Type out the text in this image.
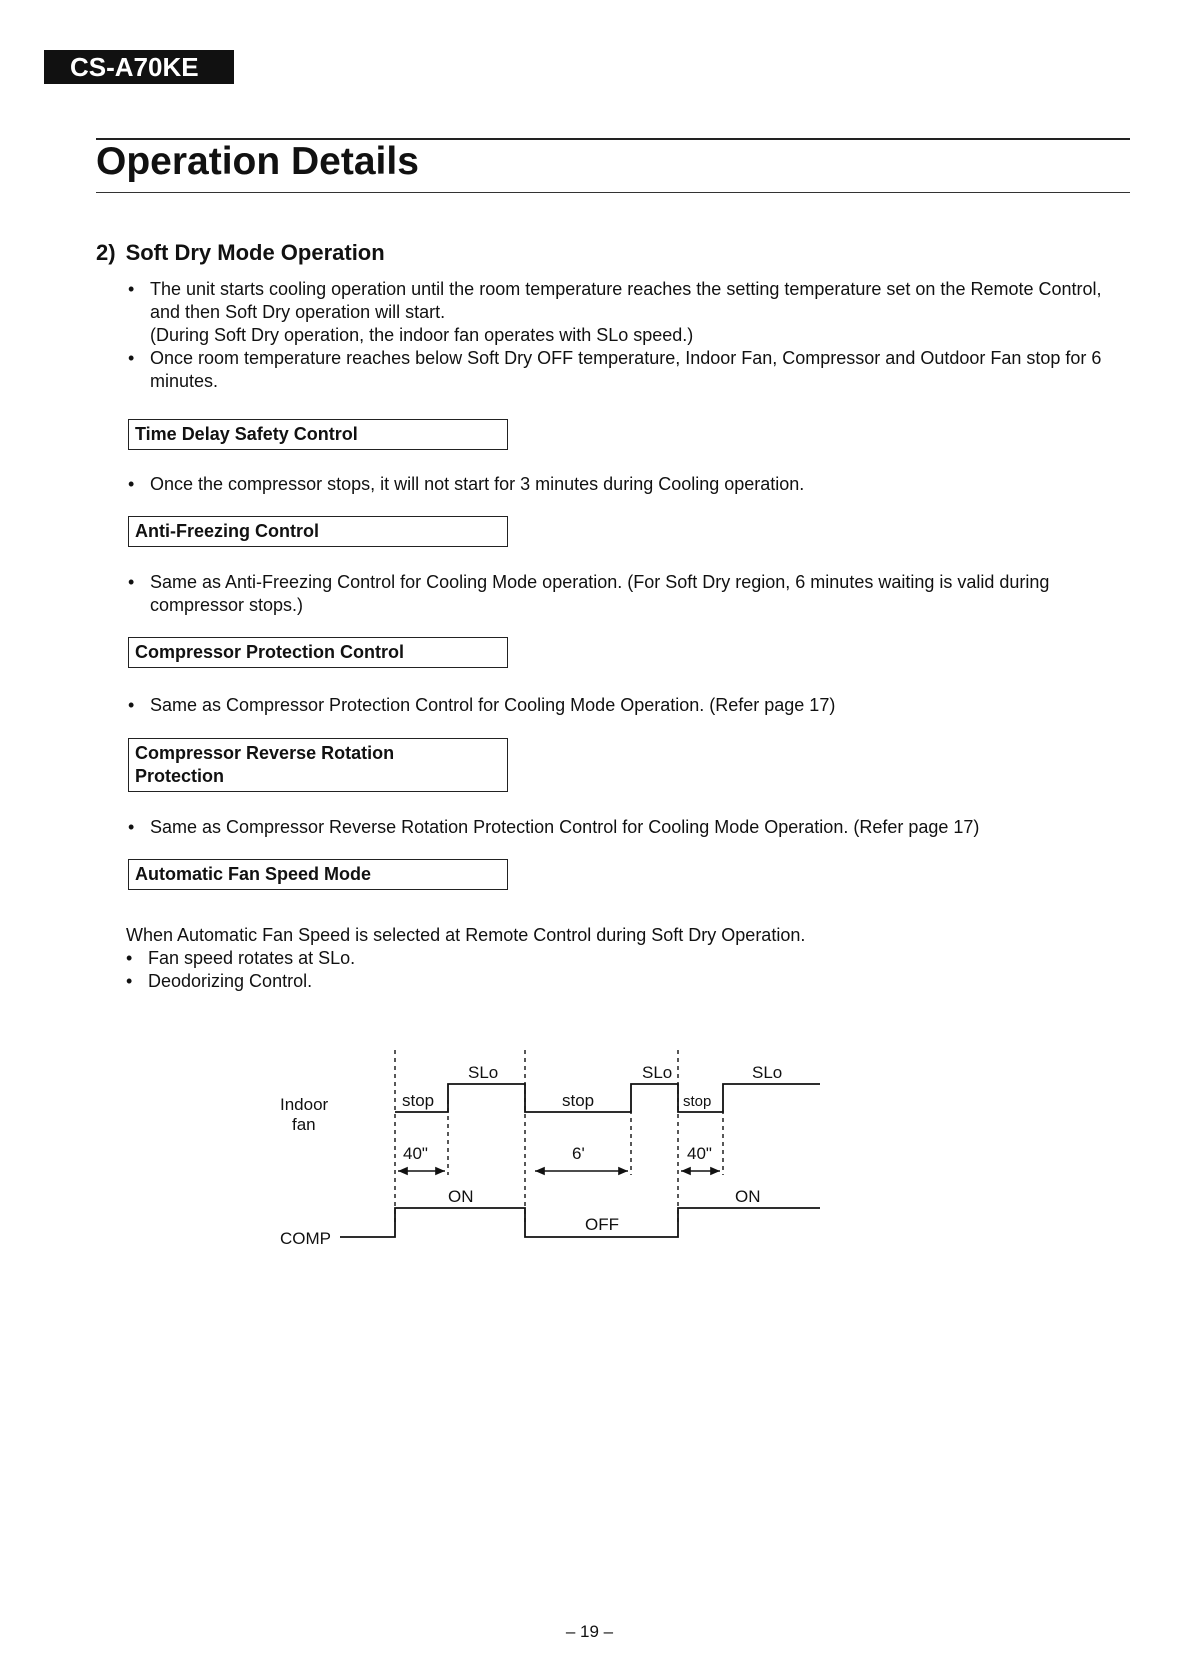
CS-A70KE
Operation Details
2) Soft Dry Mode Operation
• The unit starts cooling operation until the room temperature reaches the setting temperature set on the Remote Control, and then Soft Dry operation will start.
(During Soft Dry operation, the indoor fan operates with SLo speed.)
• Once room temperature reaches below Soft Dry OFF temperature, Indoor Fan, Compressor and Outdoor Fan stop for 6 minutes.
Time Delay Safety Control
• Once the compressor stops, it will not start for 3 minutes during Cooling operation.
Anti-Freezing Control
• Same as Anti-Freezing Control for Cooling Mode operation. (For Soft Dry region, 6 minutes waiting is valid during compressor stops.)
Compressor Protection Control
• Same as Compressor Protection Control for Cooling Mode Operation. (Refer page 17)
Compressor Reverse Rotation
Protection
• Same as Compressor Reverse Rotation Protection Control for Cooling Mode Operation. (Refer page 17)
Automatic Fan Speed Mode
When Automatic Fan Speed is selected at Remote Control during Soft Dry Operation.
• Fan speed rotates at SLo.
• Deodorizing Control.
Indoor
fan
COMP
stop
SLo
stop
SLo
stop
SLo
40"	6'	40"
ON
OFF
ON
– 19 –
